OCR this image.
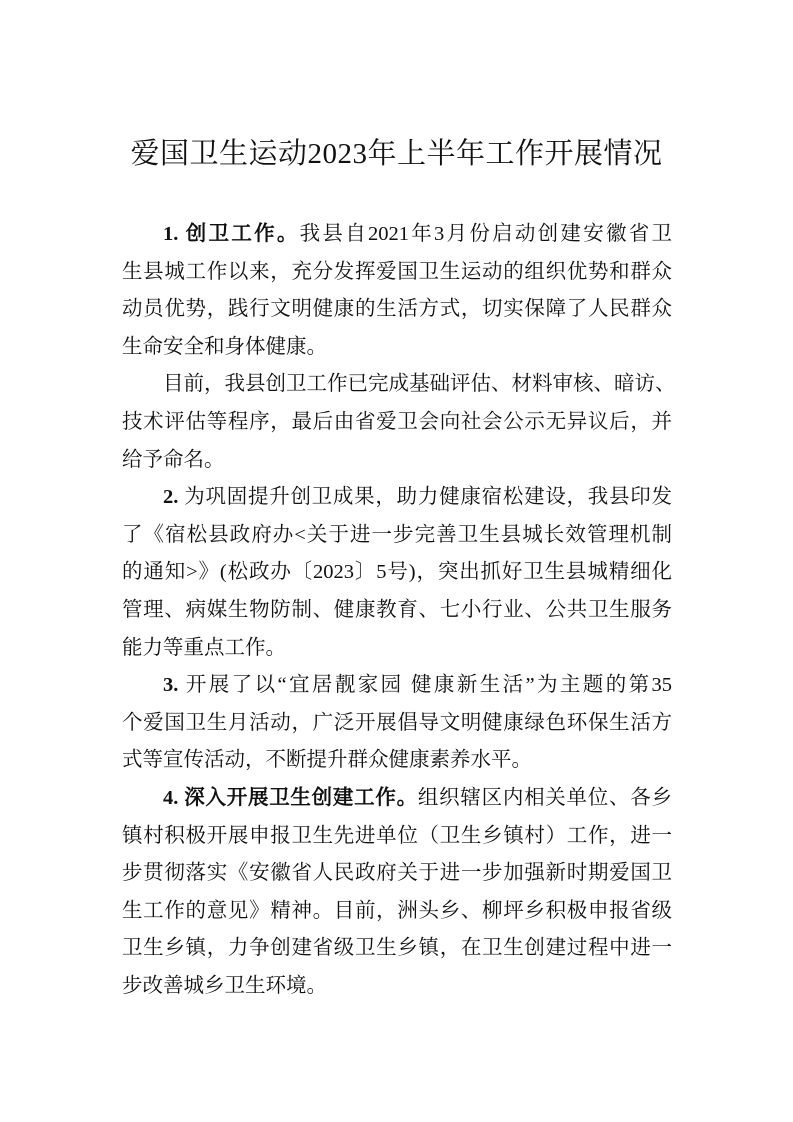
爱国卫生运动2023年上半年工作开展情况
1. 创卫工作。我县自2021年3月份启动创建安徽省卫
生县城工作以来，充分发挥爱国卫生运动的组织优势和群众
动员优势，践行文明健康的生活方式，切实保障了人民群众
生命安全和身体健康。
目前，我县创卫工作已完成基础评估、材料审核、暗访、
技术评估等程序，最后由省爱卫会向社会公示无异议后，并
给予命名。
2. 为巩固提升创卫成果，助力健康宿松建设，我县印发
了《宿松县政府办<关于进一步完善卫生县城长效管理机制
的通知>》(松政办〔2023〕5号)，突出抓好卫生县城精细化
管理、病媒生物防制、健康教育、七小行业、公共卫生服务
能力等重点工作。
3. 开展了以“宜居靓家园 健康新生活”为主题的第35
个爱国卫生月活动，广泛开展倡导文明健康绿色环保生活方
式等宣传活动，不断提升群众健康素养水平。
4. 深入开展卫生创建工作。组织辖区内相关单位、各乡
镇村积极开展申报卫生先进单位（卫生乡镇村）工作，进一
步贯彻落实《安徽省人民政府关于进一步加强新时期爱国卫
生工作的意见》精神。目前，洲头乡、柳坪乡积极申报省级
卫生乡镇，力争创建省级卫生乡镇，在卫生创建过程中进一
步改善城乡卫生环境。
